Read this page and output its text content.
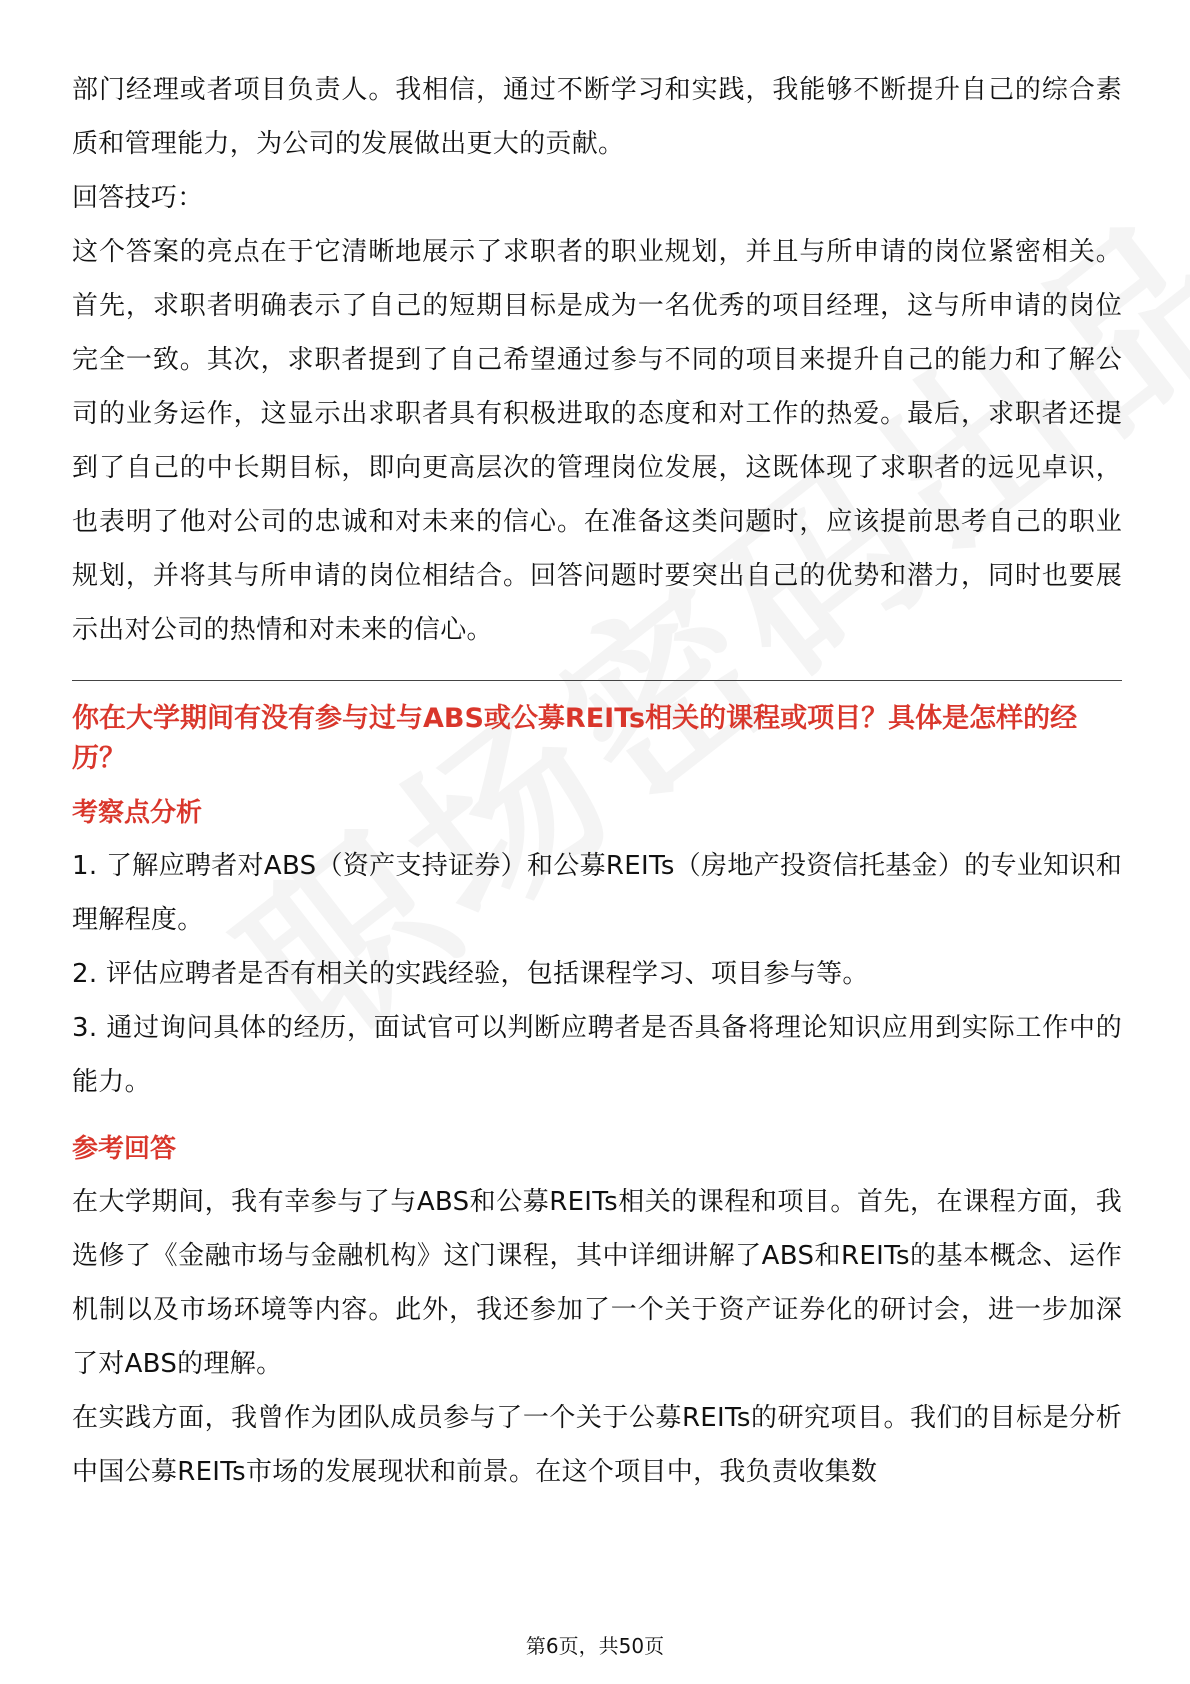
部门经理或者项目负责人。我相信，通过不断学习和实践，我能够不断提升自己的综合素质和管理能力，为公司的发展做出更大的贡献。

回答技巧：

这个答案的亮点在于它清晰地展示了求职者的职业规划，并且与所申请的岗位紧密相关。首先，求职者明确表示了自己的短期目标是成为一名优秀的项目经理，这与所申请的岗位完全一致。其次，求职者提到了自己希望通过参与不同的项目来提升自己的能力和了解公司的业务运作，这显示出求职者具有积极进取的态度和对工作的热爱。最后，求职者还提到了自己的中长期目标，即向更高层次的管理岗位发展，这既体现了求职者的远见卓识，也表明了他对公司的忠诚和对未来的信心。在准备这类问题时，应该提前思考自己的职业规划，并将其与所申请的岗位相结合。回答问题时要突出自己的优势和潜力，同时也要展示出对公司的热情和对未来的信心。

你在大学期间有没有参与过与ABS或公募REITs相关的课程或项目？具体是怎样的经历？

考察点分析

1. 了解应聘者对ABS（资产支持证券）和公募REITs（房地产投资信托基金）的专业知识和理解程度。

2. 评估应聘者是否有相关的实践经验，包括课程学习、项目参与等。

3. 通过询问具体的经历，面试官可以判断应聘者是否具备将理论知识应用到实际工作中的能力。

参考回答

在大学期间，我有幸参与了与ABS和公募REITs相关的课程和项目。首先，在课程方面，我选修了《金融市场与金融机构》这门课程，其中详细讲解了ABS和REITs的基本概念、运作机制以及市场环境等内容。此外，我还参加了一个关于资产证券化的研讨会，进一步加深了对ABS的理解。

在实践方面，我曾作为团队成员参与了一个关于公募REITs的研究项目。我们的目标是分析中国公募REITs市场的发展现状和前景。在这个项目中，我负责收集数

第6页，共50页
